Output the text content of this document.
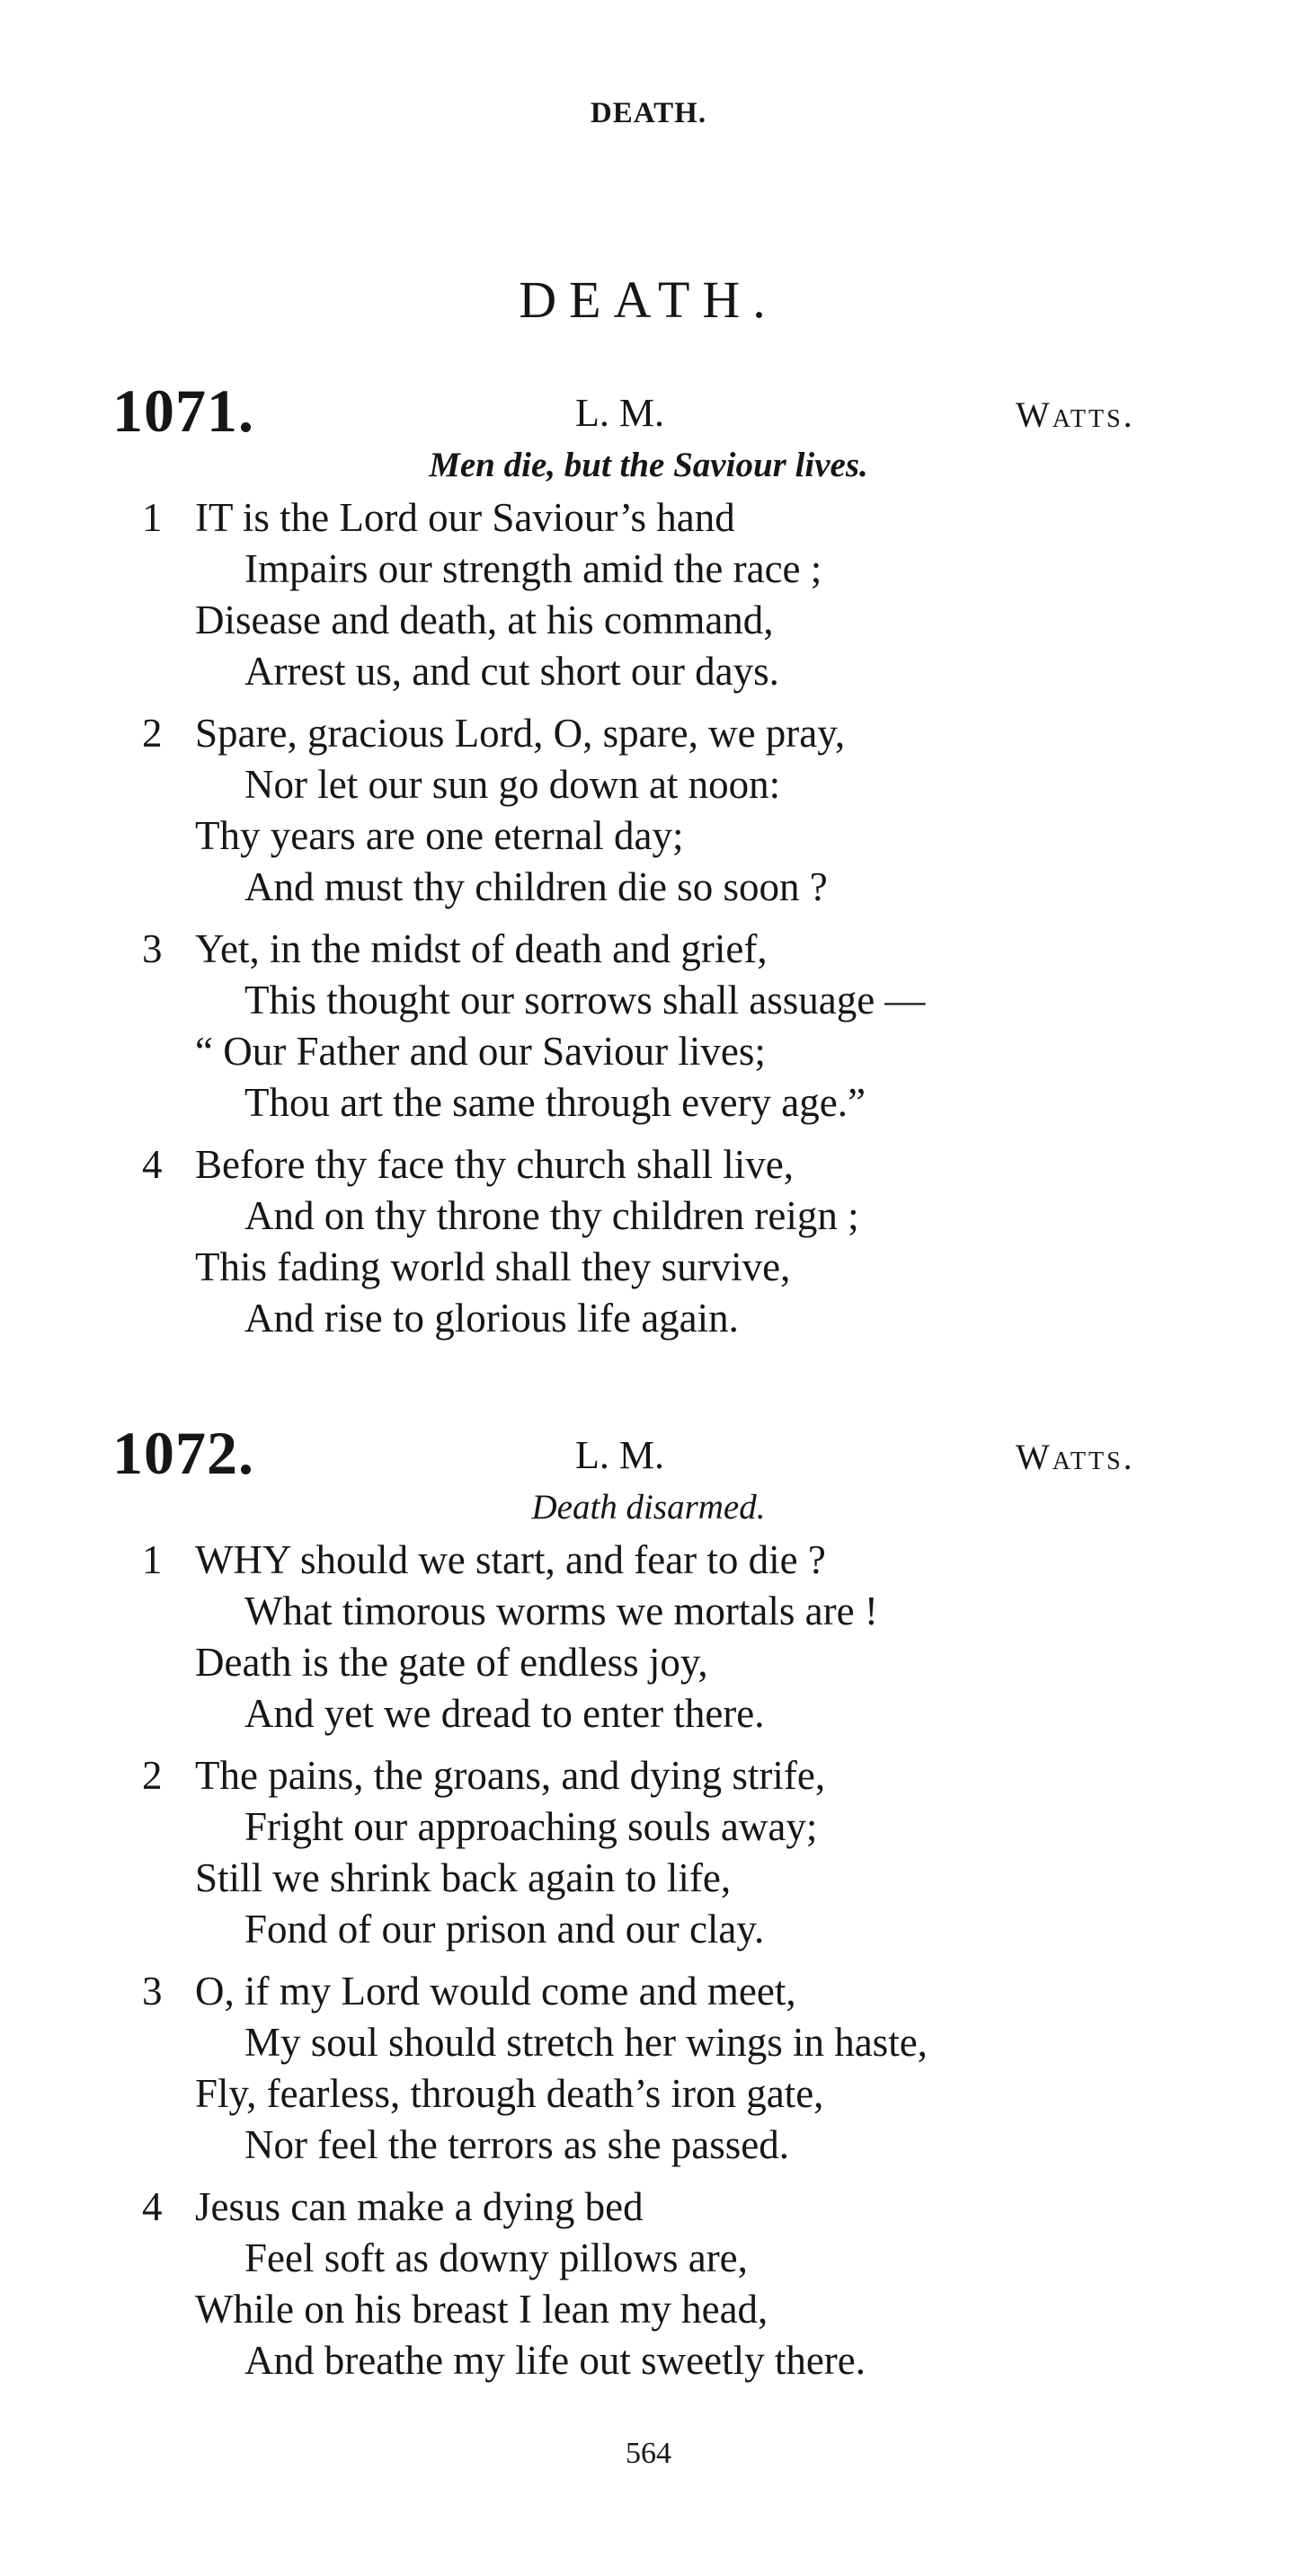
DEATH.
DEATH.
1071.	L. M.	Watts.
Men die, but the Saviour lives.
1 IT is the Lord our Saviour’s hand
Impairs our strength amid the race ;
Disease and death, at his command,
Arrest us, and cut short our days.
2 Spare, gracious Lord, O, spare, we pray,
Nor let our sun go down at noon:
Thy years are one eternal day;
And must thy children die so soon ?
3 Yet, in the midst of death and grief,
This thought our sorrows shall assuage —
“ Our Father and our Saviour lives;
Thou art the same through every age.”
4 Before thy face thy church shall live,
And on thy throne thy children reign ;
This fading world shall they survive,
And rise to glorious life again.
1072.	L. M.	Watts.
Death disarmed.
1 WHY should we start, and fear to die ?
What timorous worms we mortals are !
Death is the gate of endless joy,
And yet we dread to enter there.
2 The pains, the groans, and dying strife,
Fright our approaching souls away;
Still we shrink back again to life,
Fond of our prison and our clay.
3 O, if my Lord would come and meet,
My soul should stretch her wings in haste,
Fly, fearless, through death’s iron gate,
Nor feel the terrors as she passed.
4 Jesus can make a dying bed
Feel soft as downy pillows are,
While on his breast I lean my head,
And breathe my life out sweetly there.
564
